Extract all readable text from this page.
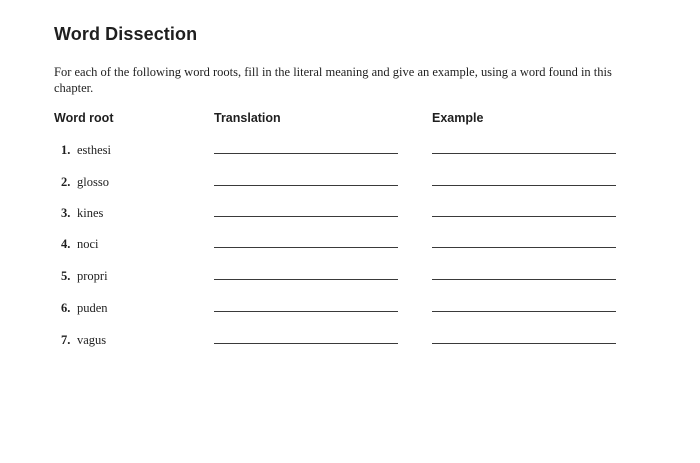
Word Dissection
For each of the following word roots, fill in the literal meaning and give an example, using a word found in this chapter.
Word root	Translation	Example
1. esthesi
2. glosso
3. kines
4. noci
5. propri
6. puden
7. vagus
